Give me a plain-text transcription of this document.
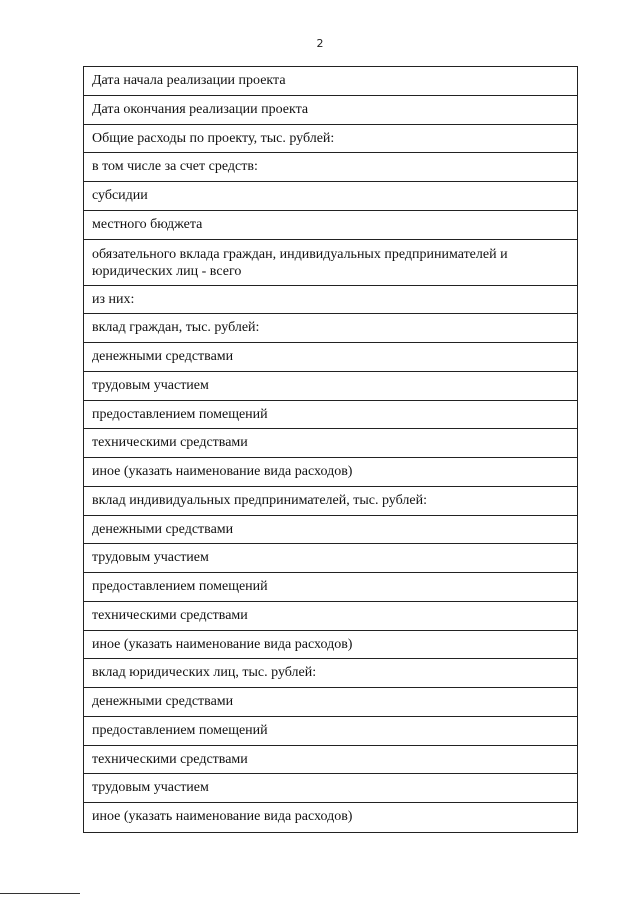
2
Дата начала реализации проекта
Дата окончания реализации проекта
Общие расходы по проекту, тыс. рублей:
в том числе за счет средств:
субсидии
местного бюджета
обязательного вклада граждан, индивидуальных предпринимателей и юридических лиц - всего
из них:
вклад граждан, тыс. рублей:
денежными средствами
трудовым участием
предоставлением помещений
техническими средствами
иное (указать наименование вида расходов)
вклад индивидуальных предпринимателей, тыс. рублей:
денежными средствами
трудовым участием
предоставлением помещений
техническими средствами
иное (указать наименование вида расходов)
вклад юридических лиц, тыс. рублей:
денежными средствами
предоставлением помещений
техническими средствами
трудовым участием
иное (указать наименование вида расходов)
